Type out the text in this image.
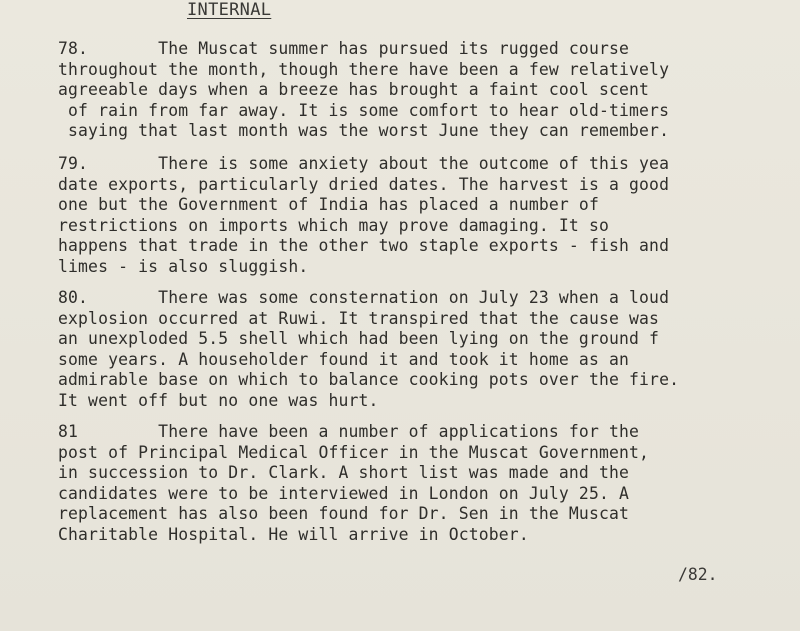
INTERNAL
78.       The Muscat summer has pursued its rugged course
throughout the month, though there have been a few relatively
agreeable days when a breeze has brought a faint cool scent
of rain from far away. It is some comfort to hear old-timers
saying that last month was the worst June they can remember.
79.       There is some anxiety about the outcome of this yea
date exports, particularly dried dates. The harvest is a good
one but the Government of India has placed a number of
restrictions on imports which may prove damaging. It so
happens that trade in the other two staple exports - fish and
limes - is also sluggish.
80.       There was some consternation on July 23 when a loud
explosion occurred at Ruwi. It transpired that the cause was
an unexploded 5.5 shell which had been lying on the ground f
some years. A householder found it and took it home as an
admirable base on which to balance cooking pots over the fire.
It went off but no one was hurt.
81        There have been a number of applications for the
post of Principal Medical Officer in the Muscat Government,
in succession to Dr. Clark. A short list was made and the
candidates were to be interviewed in London on July 25. A
replacement has also been found for Dr. Sen in the Muscat
Charitable Hospital. He will arrive in October.
/82.
